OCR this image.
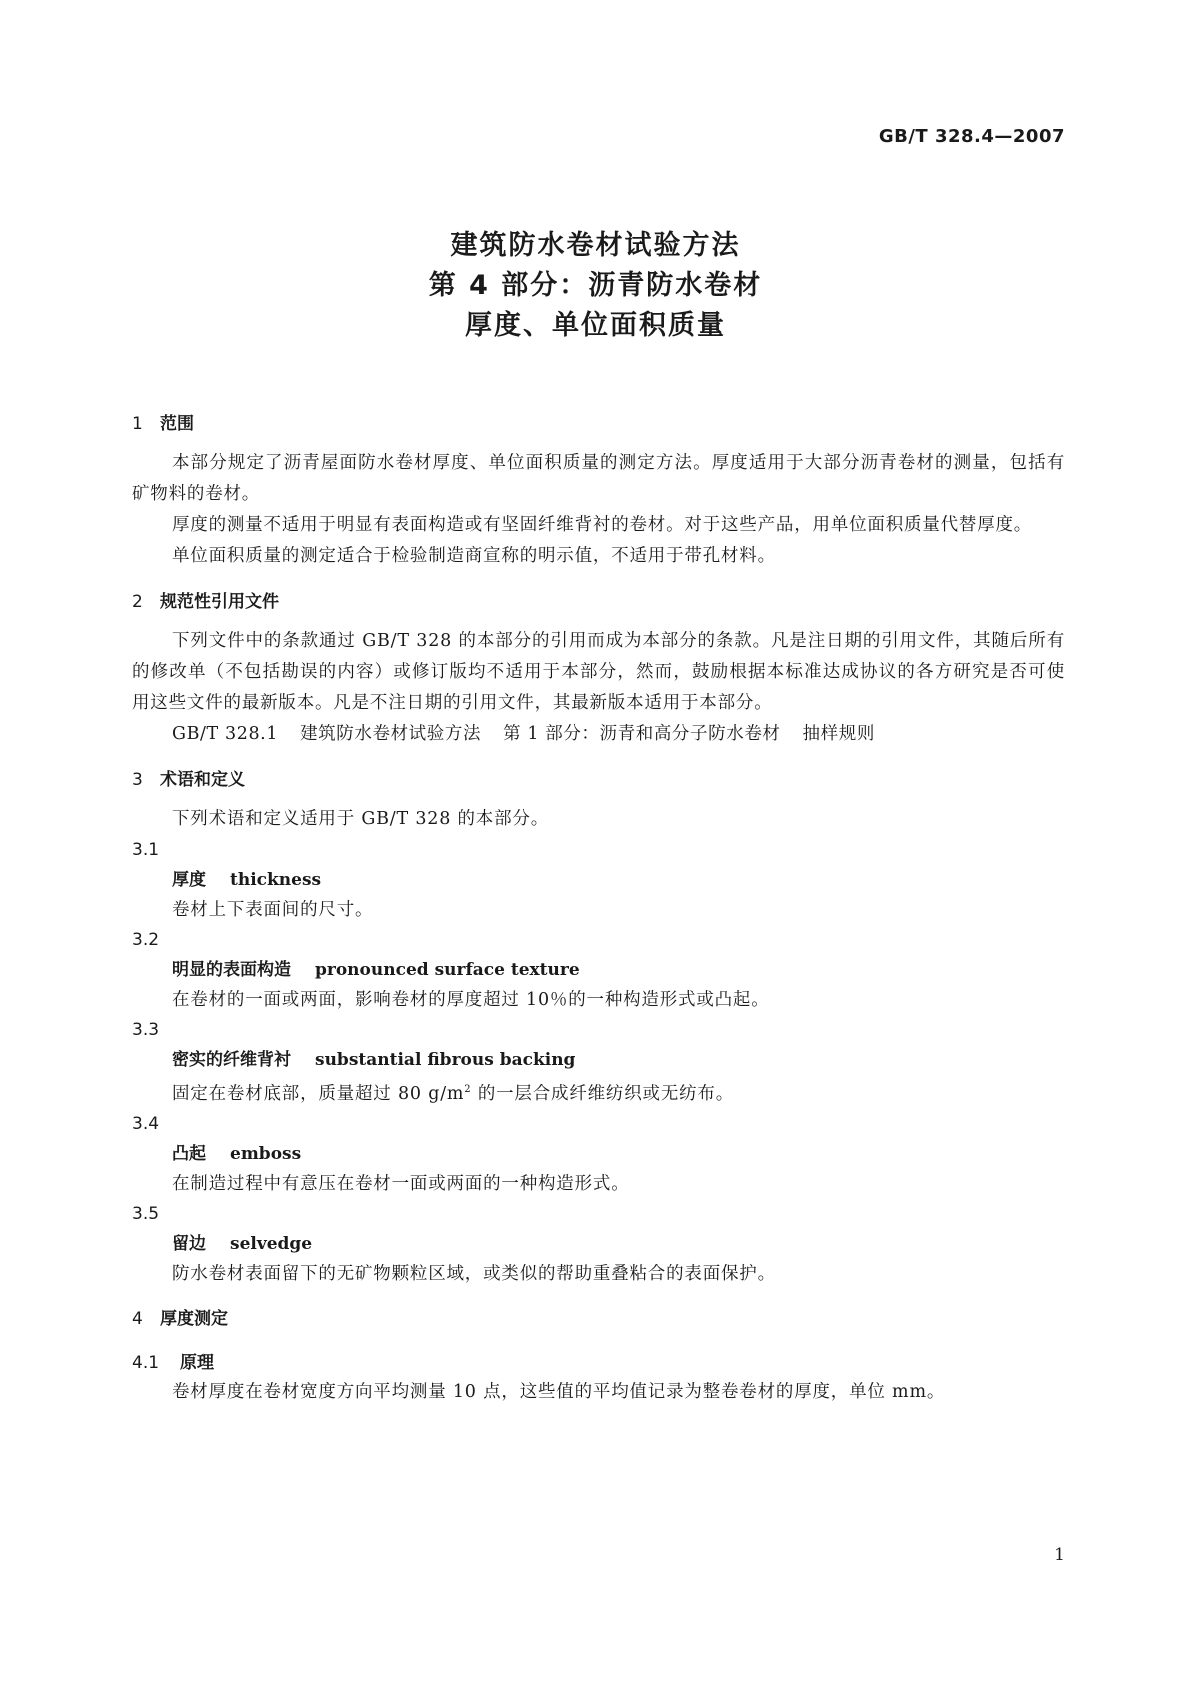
GB/T 328.4—2007
建筑防水卷材试验方法
第 4 部分：沥青防水卷材
厚度、单位面积质量
1 范围

本部分规定了沥青屋面防水卷材厚度、单位面积质量的测定方法。厚度适用于大部分沥青卷材的测量，包括有矿物料的卷材。

厚度的测量不适用于明显有表面构造或有坚固纤维背衬的卷材。对于这些产品，用单位面积质量代替厚度。

单位面积质量的测定适合于检验制造商宣称的明示值，不适用于带孔材料。

2 规范性引用文件

下列文件中的条款通过 GB/T 328 的本部分的引用而成为本部分的条款。凡是注日期的引用文件，其随后所有的修改单（不包括勘误的内容）或修订版均不适用于本部分，然而，鼓励根据本标准达成协议的各方研究是否可使用这些文件的最新版本。凡是不注日期的引用文件，其最新版本适用于本部分。

GB/T 328.1 建筑防水卷材试验方法 第 1 部分：沥青和高分子防水卷材 抽样规则

3 术语和定义

下列术语和定义适用于 GB/T 328 的本部分。

3.1

厚度 thickness

卷材上下表面间的尺寸。

3.2

明显的表面构造 pronounced surface texture

在卷材的一面或两面，影响卷材的厚度超过 10％的一种构造形式或凸起。

3.3

密实的纤维背衬 substantial fibrous backing

固定在卷材底部，质量超过 80 $g/m^2$ 的一层合成纤维纺织或无纺布。

3.4

凸起 emboss

在制造过程中有意压在卷材一面或两面的一种构造形式。

3.5

留边 selvedge

防水卷材表面留下的无矿物颗粒区域，或类似的帮助重叠粘合的表面保护。

4 厚度测定
4.1 原理

卷材厚度在卷材宽度方向平均测量 10 点，这些值的平均值记录为整卷卷材的厚度，单位 mm。

1
